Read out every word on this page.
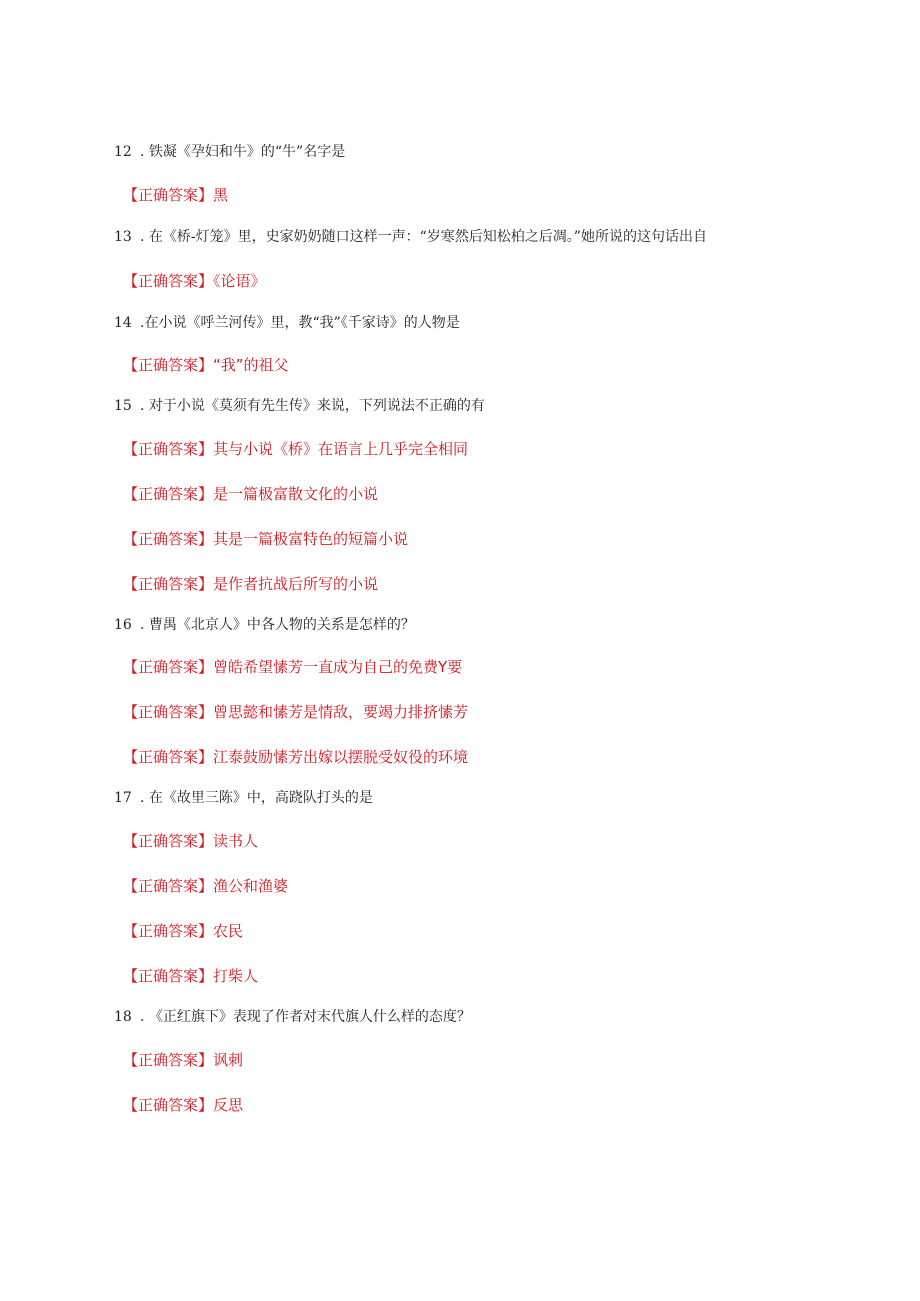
12 . 铁凝《孕妇和牛》的“牛”名字是
【正确答案】黑
13 . 在《桥-灯笼》里，史家奶奶随口这样一声：“岁寒然后知松柏之后凋。”她所说的这句话出自
【正确答案】《论语》
14 .在小说《呼兰河传》里，教“我”《千家诗》的人物是
【正确答案】“我”的祖父
15 . 对于小说《莫须有先生传》来说，下列说法不正确的有
【正确答案】其与小说《桥》在语言上几乎完全相同
【正确答案】是一篇极富散文化的小说
【正确答案】其是一篇极富特色的短篇小说
【正确答案】是作者抗战后所写的小说
16 . 曹禺《北京人》中各人物的关系是怎样的？
【正确答案】曾皓希望愫芳一直成为自己的免费Y要
【正确答案】曾思懿和愫芳是情敌，要竭力排挤愫芳
【正确答案】江泰鼓励愫芳出嫁以摆脱受奴役的环境
17 . 在《故里三陈》中，高跷队打头的是
【正确答案】读书人
【正确答案】渔公和渔婆
【正确答案】农民
【正确答案】打柴人
18 . 《正红旗下》表现了作者对末代旗人什么样的态度？
【正确答案】讽刺
【正确答案】反思
